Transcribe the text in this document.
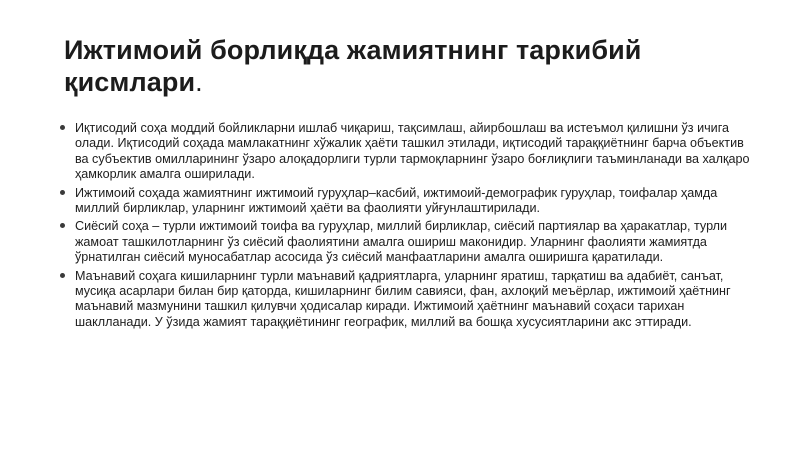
Ижтимоий борлиқда жамиятнинг таркибий қисмлари.
Иқтисодий соҳа моддий бойликларни ишлаб чиқариш, тақсимлаш, айирбошлаш ва истеъмол қилишни ўз ичига олади. Иқтисодий соҳада мамлакатнинг хўжалик ҳаёти ташкил этилади, иқтисодий тараққиётнинг барча объектив ва субъектив омилларининг ўзаро алоқадорлиги турли тармоқларнинг ўзаро боғлиқлиги таъминланади ва халқаро ҳамкорлик амалга оширилади.
Ижтимоий соҳада жамиятнинг ижтимоий гуруҳлар–касбий, ижтимоий-демографик гуруҳлар, тоифалар ҳамда миллий бирликлар, уларнинг ижтимоий ҳаёти ва фаолияти уйғунлаштирилади.
Сиёсий соҳа – турли ижтимоий тоифа ва гуруҳлар, миллий бирликлар, сиёсий партиялар ва ҳаракатлар, турли жамоат ташкилотларнинг ўз сиёсий фаолиятини амалга ошириш маконидир. Уларнинг фаолияти жамиятда ўрнатилган сиёсий муносабатлар асосида ўз сиёсий манфаатларини амалга оширишга қаратилади.
Маънавий соҳага кишиларнинг турли маънавий қадриятларга, уларнинг яратиш, тарқатиш ва адабиёт, санъат, мусиқа асарлари билан бир қаторда, кишиларнинг билим савияси, фан, ахлоқий меъёрлар, ижтимоий ҳаётнинг маънавий мазмунини ташкил қилувчи ҳодисалар киради. Ижтимоий ҳаётнинг маънавий соҳаси тарихан шаклланади. У ўзида жамият тараққиётининг географик, миллий ва бошқа хусусиятларини акс эттиради.
